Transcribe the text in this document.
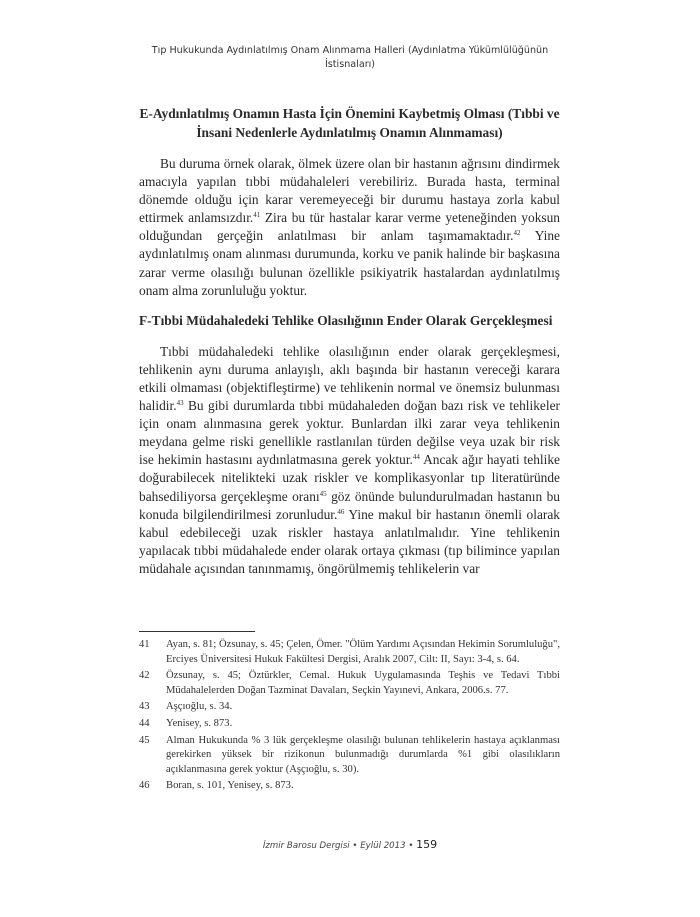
Tıp Hukukunda Aydınlatılmış Onam Alınmama Halleri (Aydınlatma Yükümlülüğünün İstisnaları)

E-Aydınlatılmış Onamın Hasta İçin Önemini Kaybetmiş Olması (Tıbbi ve İnsani Nedenlerle Aydınlatılmış Onamın Alınmaması)

Bu duruma örnek olarak, ölmek üzere olan bir hastanın ağrısını dindirmek amacıyla yapılan tıbbi müdahaleleri verebiliriz. Burada hasta, terminal dönemde olduğu için karar veremeyeceği bir durumu hastaya zorla kabul ettirmek anlamsızdır.$^{41}$ Zira bu tür hastalar karar verme yeteneğinden yoksun olduğundan gerçeğin anlatılması bir anlam taşımamaktadır.$^{42}$ Yine aydınlatılmış onam alınması durumunda, korku ve panik halinde bir başkasına zarar verme olasılığı bulunan özellikle psikiyatrik hastalardan aydınlatılmış onam alma zorunluluğu yoktur.

F-Tıbbi Müdahaledeki Tehlike Olasılığının Ender Olarak Gerçekleşmesi

Tıbbi müdahaledeki tehlike olasılığının ender olarak gerçekleşmesi, tehlikenin aynı duruma anlayışlı, aklı başında bir hastanın vereceği karara etkili olmaması (objektifleştirme) ve tehlikenin normal ve önemsiz bulunması halidir.$^{43}$ Bu gibi durumlarda tıbbi müdahaleden doğan bazı risk ve tehlikeler için onam alınmasına gerek yoktur. Bunlardan ilki zarar veya tehlikenin meydana gelme riski genellikle rastlanılan türden değilse veya uzak bir risk ise hekimin hastasını aydınlatmasına gerek yoktur.$^{44}$ Ancak ağır hayati tehlike doğurabilecek nitelikteki uzak riskler ve komplikasyonlar tıp literatüründe bahsediliyorsa gerçekleşme oranı$^{45}$ göz önünde bulundurulmadan hastanın bu konuda bilgilendirilmesi zorunludur.$^{46}$ Yine makul bir hastanın önemli olarak kabul edebileceği uzak riskler hastaya anlatılmalıdır. Yine tehlikenin yapılacak tıbbi müdahalede ender olarak ortaya çıkması (tıp bilimince yapılan müdahale açısından tanınmamış, öngörülmemiş tehlikelerin var

41	Ayan, s. 81; Özsunay, s. 45; Çelen, Ömer. "Ölüm Yardımı Açısından Hekimin Sorumluluğu", Erciyes Üniversitesi Hukuk Fakültesi Dergisi, Aralık 2007, Cilt: II, Sayı: 3-4, s. 64.
42	Özsunay, s. 45; Öztürkler, Cemal. Hukuk Uygulamasında Teşhis ve Tedavi Tıbbi Müdahalelerden Doğan Tazminat Davaları, Seçkin Yayınevi, Ankara, 2006.s. 77.
43	Aşçıoğlu, s. 34.
44	Yenisey, s. 873.
45	Alman Hukukunda % 3 lük gerçekleşme olasılığı bulunan tehlikelerin hastaya açıklanması gerekirken yüksek bir rizikonun bulunmadığı durumlarda %1 gibi olasılıkların açıklanmasına gerek yoktur (Aşçıoğlu, s. 30).
46	Boran, s. 101, Yenisey, s. 873.
İzmir Barosu Dergisi • Eylül 2013 • 159
